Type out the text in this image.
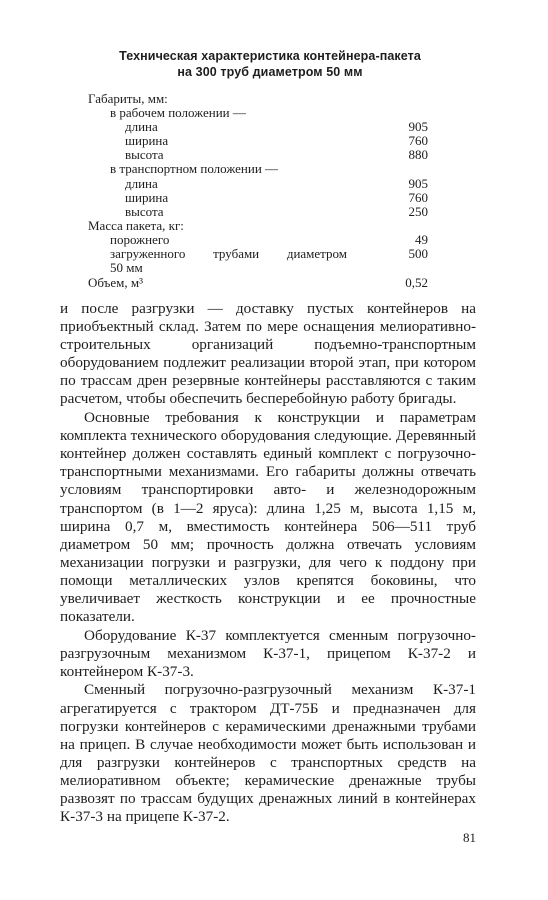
Техническая характеристика контейнера-пакета
на 300 труб диаметром 50 мм
Габариты, мм:
в рабочем положении —
длина	905
ширина	760
высота	880
в транспортном положении —
длина	905
ширина	760
высота	250
Масса пакета, кг:
порожнего	49
загруженного трубами диаметром	500
50 мм
Объем, м³	0,52

и после разгрузки — доставку пустых контейнеров на приобъектный склад. Затем по мере оснащения мелиоративно-строительных организаций подъемно-транспортным оборудованием подлежит реализации второй этап, при котором по трассам дрен резервные контейнеры расставляются с таким расчетом, чтобы обеспечить бесперебойную работу бригады.

Основные требования к конструкции и параметрам комплекта технического оборудования следующие. Деревянный контейнер должен составлять единый комплект с погрузочно-транспортными механизмами. Его габариты должны отвечать условиям транспортировки авто- и железнодорожным транспортом (в 1—2 яруса): длина 1,25 м, высота 1,15 м, ширина 0,7 м, вместимость контейнера 506—511 труб диаметром 50 мм; прочность должна отвечать условиям механизации погрузки и разгрузки, для чего к поддону при помощи металлических узлов крепятся боковины, что увеличивает жесткость конструкции и ее прочностные показатели.

Оборудование К-37 комплектуется сменным погрузочно-разгрузочным механизмом К-37-1, прицепом К-37-2 и контейнером К-37-3.

Сменный погрузочно-разгрузочный механизм К-37-1 агрегатируется с трактором ДТ-75Б и предназначен для погрузки контейнеров с керамическими дренажными трубами на прицеп. В случае необходимости может быть использован и для разгрузки контейнеров с транспортных средств на мелиоративном объекте; керамические дренажные трубы развозят по трассам будущих дренажных линий в контейнерах К-37-3 на прицепе К-37-2.

81
